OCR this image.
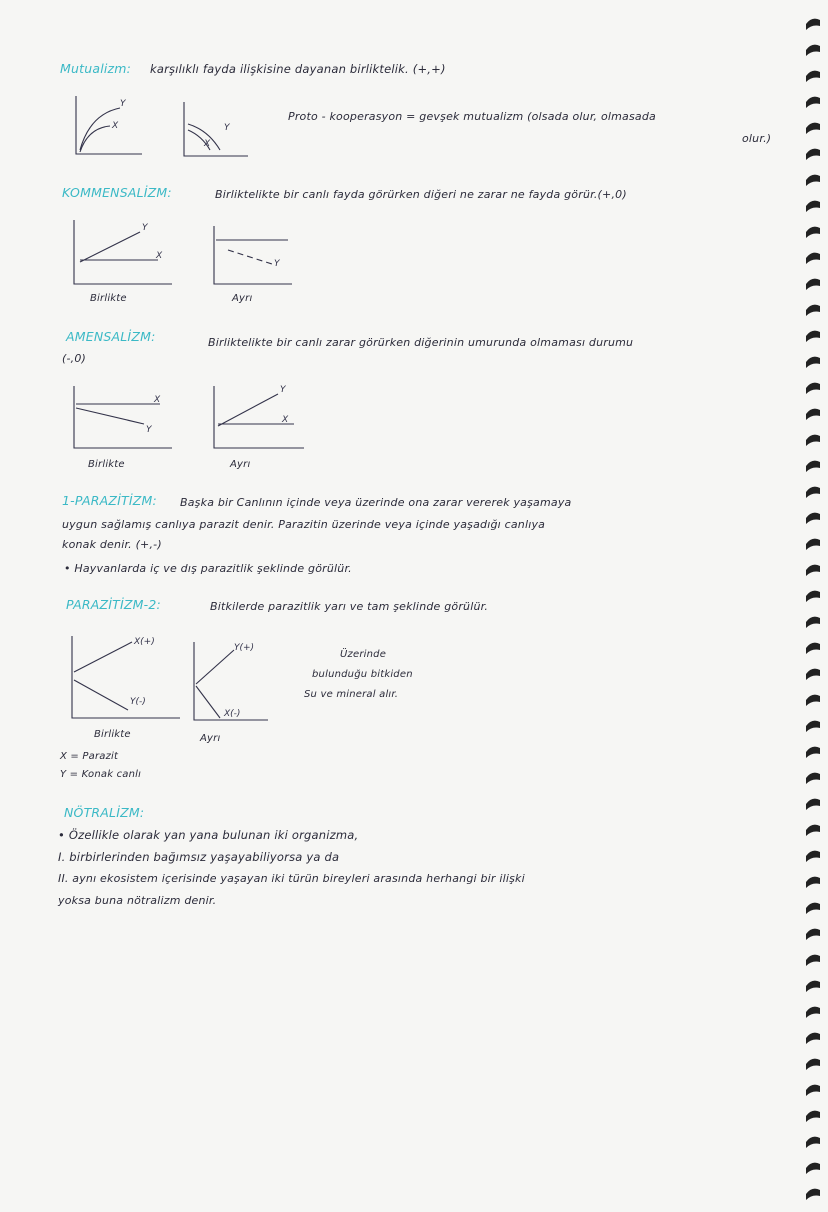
Mutualizm: karşılıklı fayda ilişkisine dayanan birliktelik. (+,+)
Y
X	Y
X
Proto - kooperasyon = gevşek mutualizm (olsada olur, olmasada
olur.)
KOMMENSALİZM:	Birliktelikte bir canlı fayda görürken diğeri ne zarar ne fayda görür.(+,0)
Y
X
Birlikte
Y
Ayrı
AMENSALİZM:	Birliktelikte bir canlı zarar görürken diğerinin umurunda olmaması durumu
(-,0)
X
Y
Birlikte
Y
X
Ayrı
1-PARAZİTİZM: Başka bir Canlının içinde veya üzerinde ona zarar vererek yaşamaya
uygun sağlamış canlıya parazit denir. Parazitin üzerinde veya içinde yaşadığı canlıya
konak denir. (+,-)
• Hayvanlarda iç ve dış parazitlik şeklinde görülür.
PARAZİTİZM-2:	Bitkilerde parazitlik yarı ve tam şeklinde görülür.
Üzerinde
bulunduğu bitkiden
Su ve mineral alır.
X(+)
Y(-)
Birlikte
Y(+)
X(-)
Ayrı
X = Parazit
Y = Konak canlı
NÖTRALİZM:
• Özellikle olarak yan yana bulunan iki organizma,
I. birbirlerinden bağımsız yaşayabiliyorsa ya da
II. aynı ekosistem içerisinde yaşayan iki türün bireyleri arasında herhangi bir ilişki
yoksa buna nötralizm denir.
